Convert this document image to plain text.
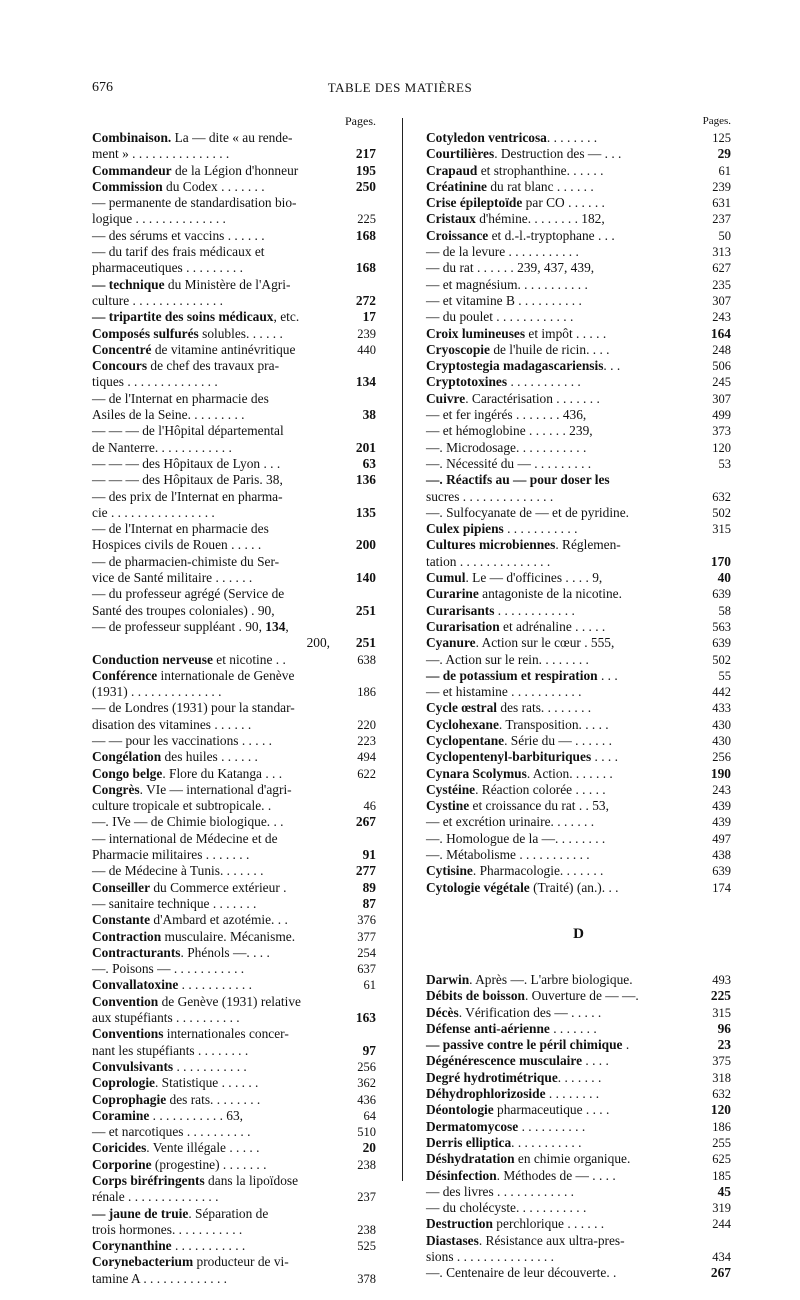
676	TABLE DES MATIÈRES
Pages.
Combinaison. La — dite « au rende-
ment » . . . . . . . . . . . . . . .	217
Commandeur de la Légion d'honneur	195
Commission du Codex . . . . . . .	250
— permanente de standardisation bio-
logique . . . . . . . . . . . . . .	225
— des sérums et vaccins . . . . . .	168
— du tarif des frais médicaux et
pharmaceutiques . . . . . . . . .	168
— technique du Ministère de l'Agri-
culture . . . . . . . . . . . . . .	272
— tripartite des soins médicaux, etc.	17
Composés sulfurés solubles. . . . . .	239
Concentré de vitamine antinévritique	440
Concours de chef des travaux pra-
tiques . . . . . . . . . . . . . .	134
— de l'Internat en pharmacie des
Asiles de la Seine. . . . . . . . .	38
— — — de l'Hôpital départemental
de Nanterre. . . . . . . . . . . .	201
— — — des Hôpitaux de Lyon . . .	63
— — — des Hôpitaux de Paris. 38,	136
— des prix de l'Internat en pharma-
cie . . . . . . . . . . . . . . . .	135
— de l'Internat en pharmacie des
Hospices civils de Rouen . . . . .	200
— de pharmacien-chimiste du Ser-
vice de Santé militaire . . . . . .	140
— du professeur agrégé (Service de
Santé des troupes coloniales) . 90,	251
— de professeur suppléant . 90, 134,

200,	251
Conduction nerveuse et nicotine . .	638
Conférence internationale de Genève
(1931) . . . . . . . . . . . . . .	186
— de Londres (1931) pour la standar-
disation des vitamines . . . . . .	220
— — pour les vaccinations . . . . .	223
Congélation des huiles . . . . . .	494
Congo belge. Flore du Katanga . . .	622
Congrès. VIe — international d'agri-
culture tropicale et subtropicale. .	46
—. IVe — de Chimie biologique. . .	267
— international de Médecine et de
Pharmacie militaires . . . . . . .	91
— de Médecine à Tunis. . . . . . .	277
Conseiller du Commerce extérieur .	89
— sanitaire technique . . . . . . .	87
Constante d'Ambard et azotémie. . .	376
Contraction musculaire. Mécanisme.	377
Contracturants. Phénols —. . . .	254
—. Poisons — . . . . . . . . . . .	637
Convallatoxine . . . . . . . . . . .	61
Convention de Genève (1931) relative
aux stupéfiants . . . . . . . . . .	163
Conventions internationales concer-
nant les stupéfiants . . . . . . . .	97
Convulsivants . . . . . . . . . . .	256
Coprologie. Statistique . . . . . .	362
Coprophagie des rats. . . . . . . .	436
Coramine . . . . . . . . . . . 63,	64
— et narcotiques . . . . . . . . . .	510
Coricides. Vente illégale . . . . .	20
Corporine (progestine) . . . . . . .	238
Corps biréfringents dans la lipoïdose
rénale . . . . . . . . . . . . . .	237
— jaune de truie. Séparation de
trois hormones. . . . . . . . . . .	238
Corynanthine . . . . . . . . . . .	525
Corynebacterium producteur de vi-
tamine A . . . . . . . . . . . . .	378
Pages.
Cotyledon ventricosa. . . . . . . .	125
Courtilières. Destruction des — . . .	29
Crapaud et strophanthine. . . . . .	61
Créatinine du rat blanc . . . . . .	239
Crise épileptoïde par CO . . . . . .	631
Cristaux d'hémine. . . . . . . . 182,	237
Croissance et d.-l.-tryptophane . . .	50
— de la levure . . . . . . . . . . .	313
— du rat . . . . . . 239, 437, 439,	627
— et magnésium. . . . . . . . . . .	235
— et vitamine B . . . . . . . . . .	307
— du poulet . . . . . . . . . . . .	243
Croix lumineuses et impôt . . . . .	164
Cryoscopie de l'huile de ricin. . . .	248
Cryptostegia madagascariensis. . .	506
Cryptotoxines . . . . . . . . . . .	245
Cuivre. Caractérisation . . . . . . .	307
— et fer ingérés . . . . . . . 436,	499
— et hémoglobine . . . . . . 239,	373
—. Microdosage. . . . . . . . . . .	120
—. Nécessité du — . . . . . . . . .	53
—. Réactifs au — pour doser les
sucres . . . . . . . . . . . . . .	632
—. Sulfocyanate de — et de pyridine.	502
Culex pipiens . . . . . . . . . . .	315
Cultures microbiennes. Réglemen-
tation . . . . . . . . . . . . . .	170
Cumul. Le — d'officines . . . . 9,	40
Curarine antagoniste de la nicotine.	639
Curarisants . . . . . . . . . . . .	58
Curarisation et adrénaline . . . . .	563
Cyanure. Action sur le cœur . 555,	639
—. Action sur le rein. . . . . . . .	502
— de potassium et respiration . . .	55
— et histamine . . . . . . . . . . .	442
Cycle œstral des rats. . . . . . . .	433
Cyclohexane. Transposition. . . . .	430
Cyclopentane. Série du — . . . . . .	430
Cyclopentenyl-barbituriques . . . .	256
Cynara Scolymus. Action. . . . . . .	190
Cystéine. Réaction colorée . . . . .	243
Cystine et croissance du rat . . 53,	439
— et excrétion urinaire. . . . . . .	439
—. Homologue de la —. . . . . . . .	497
—. Métabolisme . . . . . . . . . . .	438
Cytisine. Pharmacologie. . . . . . .	639
Cytologie végétale (Traité) (an.). . .	174
D
Darwin. Après —. L'arbre biologique.	493
Débits de boisson. Ouverture de — —.	225
Décès. Vérification des — . . . . .	315
Défense anti-aérienne . . . . . . .	96
— passive contre le péril chimique .	23
Dégénérescence musculaire . . . .	375
Degré hydrotimétrique. . . . . . .	318
Déhydrophlorizoside . . . . . . . .	632
Déontologie pharmaceutique . . . .	120
Dermatomycose . . . . . . . . . .	186
Derris elliptica. . . . . . . . . . .	255
Déshydratation en chimie organique.	625
Désinfection. Méthodes de — . . . .	185
— des livres . . . . . . . . . . . .	45
— du cholécyste. . . . . . . . . . .	319
Destruction perchlorique . . . . . .	244
Diastases. Résistance aux ultra-pres-
sions . . . . . . . . . . . . . . .	434
—. Centenaire de leur découverte. .	267
